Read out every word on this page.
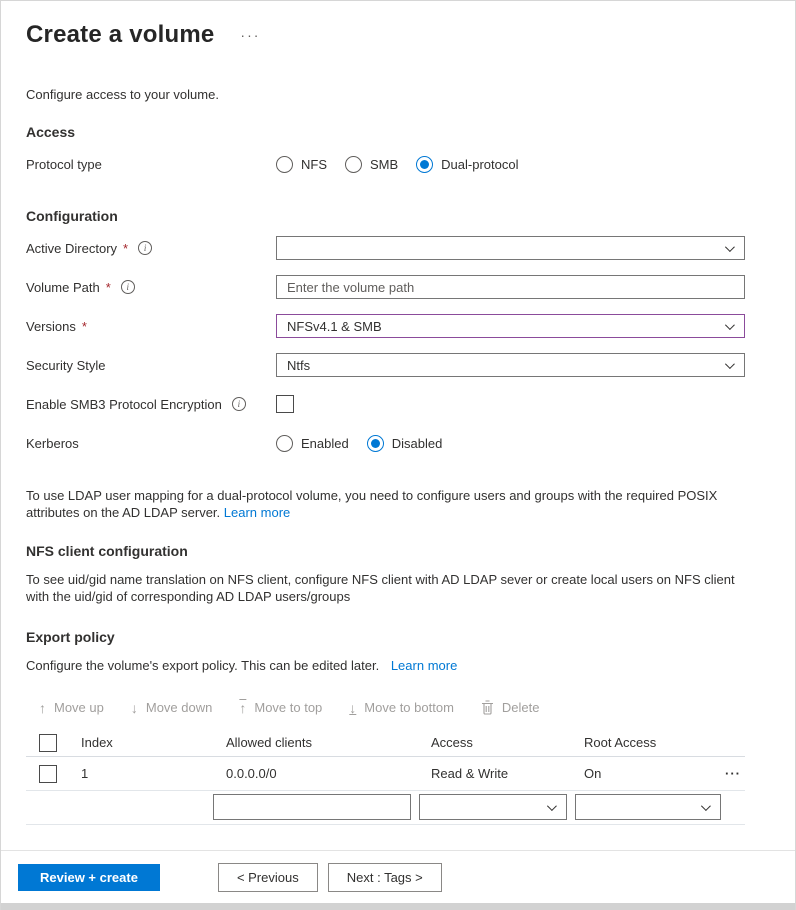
Create a volume ···
Configure access to your volume.
Access
Protocol type	NFS	SMB	Dual-protocol
Configuration
Active Directory *	i
Volume Path *	i
Enter the volume path
Versions *	NFSv4.1 & SMB
Security Style	Ntfs
Enable SMB3 Protocol Encryption	i
Kerberos	Enabled	Disabled
To use LDAP user mapping for a dual-protocol volume, you need to configure users and groups with the required POSIX attributes on the AD LDAP server. Learn more
NFS client configuration
To see uid/gid name translation on NFS client, configure NFS client with AD LDAP sever or create local users on NFS client with the uid/gid of corresponding AD LDAP users/groups
Export policy
Configure the volume's export policy. This can be edited later. Learn more
↑ Move up ↓ Move down ↑ Move to top ↓ Move to bottom	Delete
Index	Allowed clients	Access	Root Access
1	0.0.0.0/0	Read & Write	On	···
Review + create	< Previous	Next : Tags >
